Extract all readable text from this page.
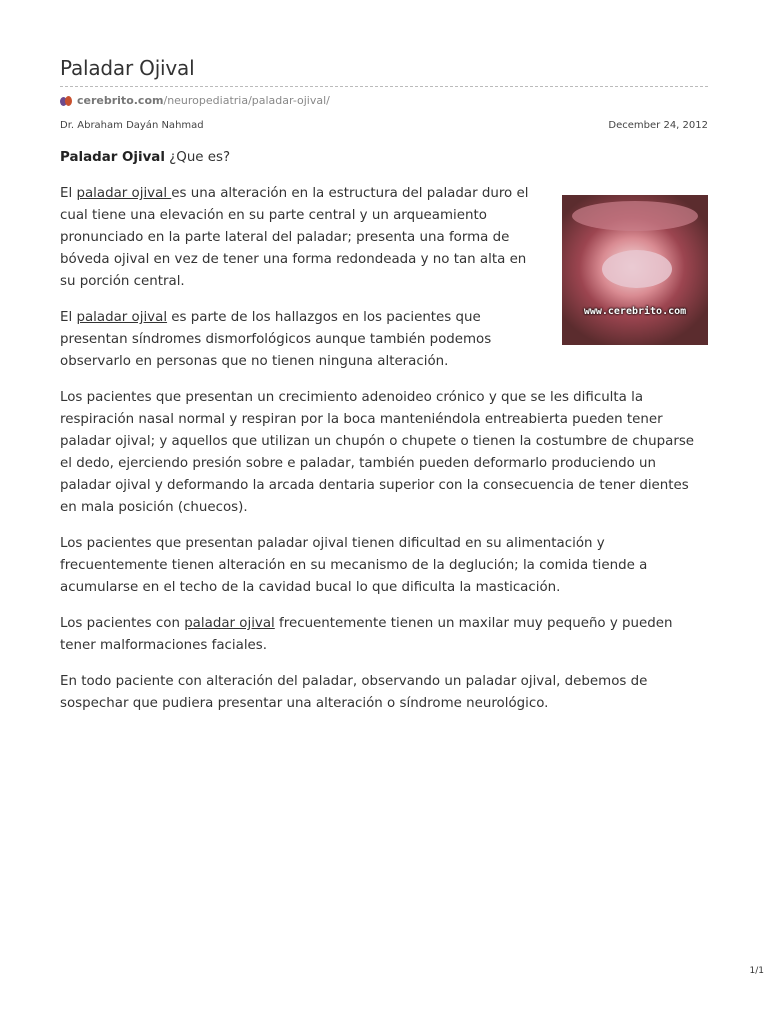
Paladar Ojival
cerebrito.com /neuropediatria/paladar-ojival/
Dr. Abraham Dayán Nahmad	December 24, 2012

Paladar Ojival ¿Que es?

www.cerebrito.com

El paladar ojival es una alteración en la estructura del paladar duro el cual tiene una elevación en su parte central y un arqueamiento pronunciado en la parte lateral del paladar; presenta una forma de bóveda ojival en vez de tener una forma redondeada y no tan alta en su porción central.

El paladar ojival es parte de los hallazgos en los pacientes que presentan síndromes dismorfológicos aunque también podemos observarlo en personas que no tienen ninguna alteración.

Los pacientes que presentan un crecimiento adenoideo crónico y que se les dificulta la respiración nasal normal y respiran por la boca manteniéndola entreabierta pueden tener paladar ojival; y aquellos que utilizan un chupón o chupete o tienen la costumbre de chuparse el dedo, ejerciendo presión sobre e paladar, también pueden deformarlo produciendo un paladar ojival y deformando la arcada dentaria superior con la consecuencia de tener dientes en mala posición (chuecos).

Los pacientes que presentan paladar ojival tienen dificultad en su alimentación y frecuentemente tienen alteración en su mecanismo de la deglución; la comida tiende a acumularse en el techo de la cavidad bucal lo que dificulta la masticación.

Los pacientes con paladar ojival frecuentemente tienen un maxilar muy pequeño y pueden tener malformaciones faciales.

En todo paciente con alteración del paladar, observando un paladar ojival, debemos de sospechar que pudiera presentar una alteración o síndrome neurológico.

1/1
